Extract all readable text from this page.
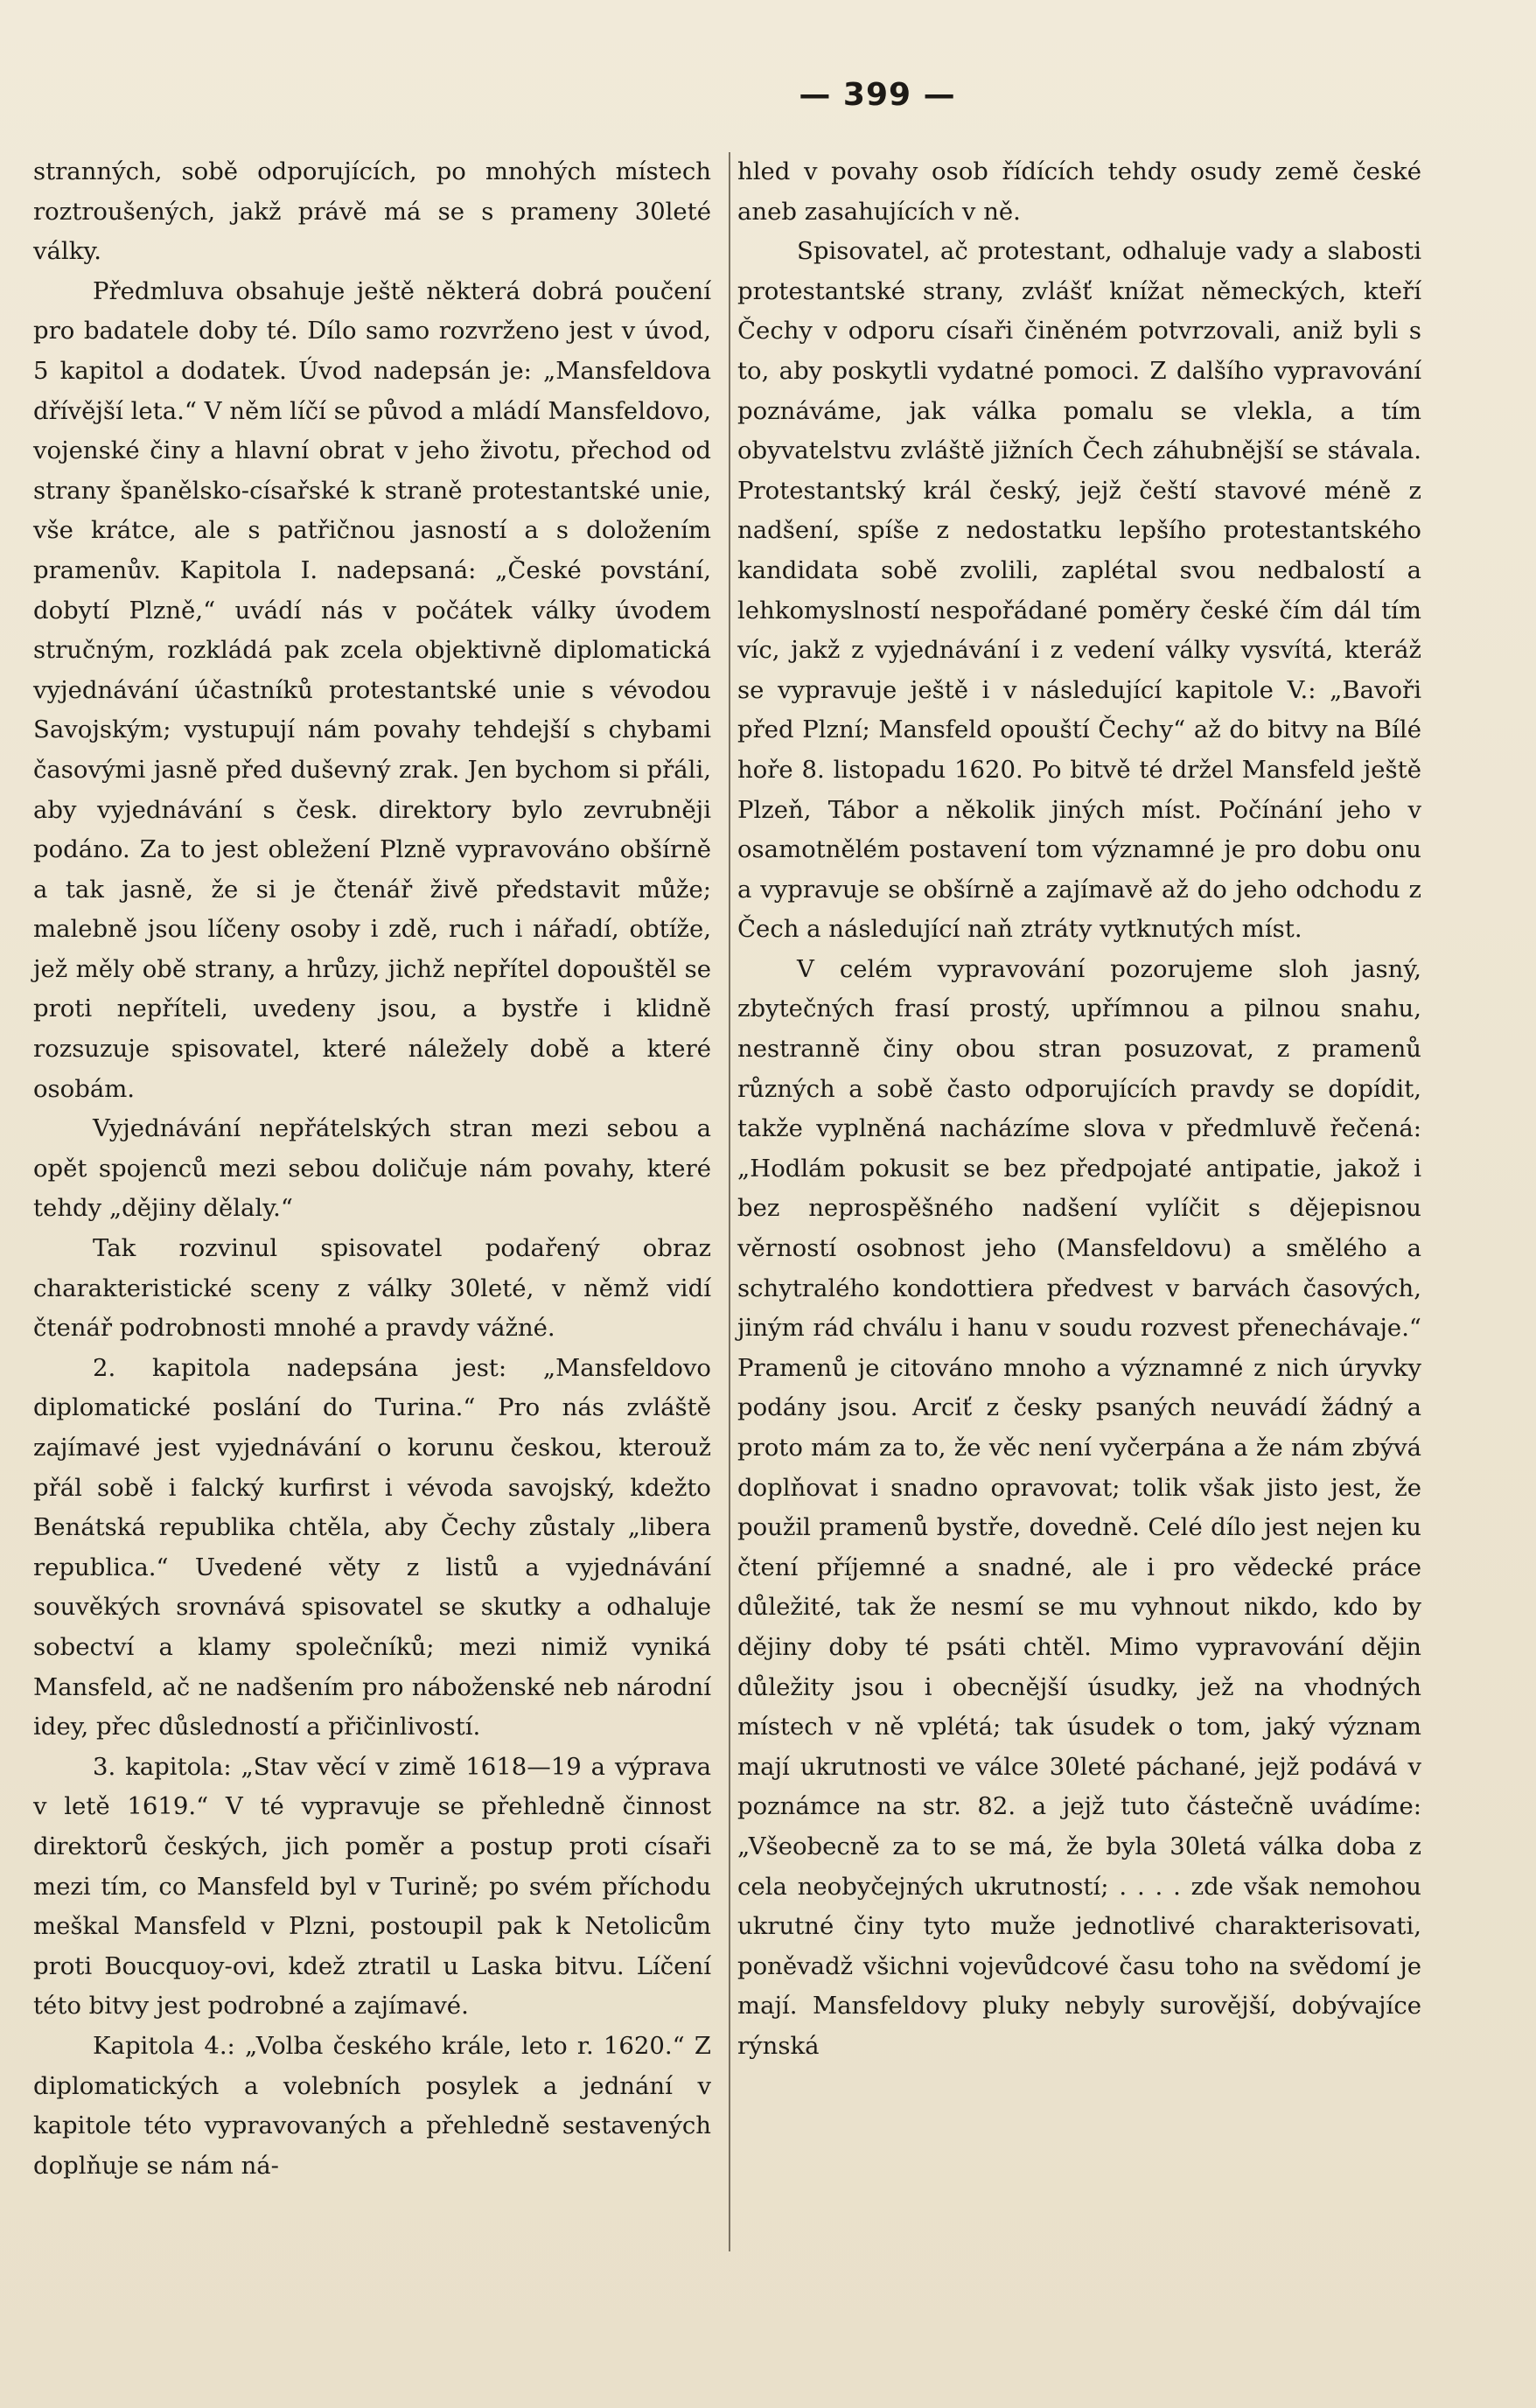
— 399 —

stranných, sobě odporujících, po mnohých místech roztroušených, jakž právě má se s prameny 30leté války.

Předmluva obsahuje ještě některá dobrá poučení pro badatele doby té. Dílo samo rozvrženo jest v úvod, 5 kapitol a dodatek. Úvod nadepsán je: „Mansfeldova dřívější leta.“ V něm líčí se původ a mládí Mansfeldovo, vojenské činy a hlavní obrat v jeho životu, přechod od strany španělsko-císařské k straně protestantské unie, vše krátce, ale s patřičnou jasností a s doložením pramenův. Kapitola I. nadepsaná: „České povstání, dobytí Plzně,“ uvádí nás v počátek války úvodem stručným, rozkládá pak zcela objektivně diplomatická vyjednávání účastníků protestantské unie s vévodou Savojským; vystupují nám povahy tehdejší s chybami časovými jasně před duševný zrak. Jen bychom si přáli, aby vyjednávání s česk. direktory bylo zevrubněji podáno. Za to jest obležení Plzně vypravováno obšírně a tak jasně, že si je čtenář živě představit může; malebně jsou líčeny osoby i zdě, ruch i nářadí, obtíže, jež měly obě strany, a hrůzy, jichž nepřítel dopouštěl se proti nepříteli, uvedeny jsou, a bystře i klidně rozsuzuje spisovatel, které náležely době a které osobám.

Vyjednávání nepřátelských stran mezi sebou a opět spojenců mezi sebou doličuje nám povahy, které tehdy „dějiny dělaly.“

Tak rozvinul spisovatel podařený obraz charakteristické sceny z války 30leté, v němž vidí čtenář podrobnosti mnohé a pravdy vážné.

2. kapitola nadepsána jest: „Mansfeldovo diplomatické poslání do Turina.“ Pro nás zvláště zajímavé jest vyjednávání o korunu českou, kterouž přál sobě i falcký kurfirst i vévoda savojský, kdežto Benátská republika chtěla, aby Čechy zůstaly „libera republica.“ Uvedené věty z listů a vyjednávání souvěkých srovnává spisovatel se skutky a odhaluje sobectví a klamy společníků; mezi nimiž vyniká Mansfeld, ač ne nadšením pro náboženské neb národní idey, přec důsledností a přičinlivostí.

3. kapitola: „Stav věcí v zimě 1618—19 a výprava v letě 1619.“ V té vypravuje se přehledně činnost direktorů českých, jich poměr a postup proti císaři mezi tím, co Mansfeld byl v Turině; po svém příchodu meškal Mansfeld v Plzni, postoupil pak k Netolicům proti Boucquoy-ovi, kdež ztratil u Laska bitvu. Líčení této bitvy jest podrobné a zajímavé.

Kapitola 4.: „Volba českého krále, leto r. 1620.“ Z diplomatických a volebních posylek a jednání v kapitole této vypravovaných a přehledně sestavených doplňuje se nám ná-

hled v povahy osob řídících tehdy osudy země české aneb zasahujících v ně.

Spisovatel, ač protestant, odhaluje vady a slabosti protestantské strany, zvlášť knížat německých, kteří Čechy v odporu císaři činěném potvrzovali, aniž byli s to, aby poskytli vydatné pomoci. Z dalšího vypravování poznáváme, jak válka pomalu se vlekla, a tím obyvatelstvu zvláště jižních Čech záhubnější se stávala. Protestantský král český, jejž čeští stavové méně z nadšení, spíše z nedostatku lepšího protestantského kandidata sobě zvolili, zaplétal svou nedbalostí a lehkomyslností nespořádané poměry české čím dál tím víc, jakž z vyjednávání i z vedení války vysvítá, kteráž se vypravuje ještě i v následující kapitole V.: „Bavoři před Plzní; Mansfeld opouští Čechy“ až do bitvy na Bílé hoře 8. listopadu 1620. Po bitvě té držel Mansfeld ještě Plzeň, Tábor a několik jiných míst. Počínání jeho v osamotnělém postavení tom významné je pro dobu onu a vypravuje se obšírně a zajímavě až do jeho odchodu z Čech a následující naň ztráty vytknutých míst.

V celém vypravování pozorujeme sloh jasný, zbytečných frasí prostý, upřímnou a pilnou snahu, nestranně činy obou stran posuzovat, z pramenů různých a sobě často odporujících pravdy se dopídit, takže vyplněná nacházíme slova v předmluvě řečená: „Hodlám pokusit se bez předpojaté antipatie, jakož i bez neprospěšného nadšení vylíčit s dějepisnou věrností osobnost jeho (Mansfeldovu) a smělého a schytralého kondottiera předvest v barvách časových, jiným rád chválu i hanu v soudu rozvest přenechávaje.“ Pramenů je citováno mnoho a významné z nich úryvky podány jsou. Arciť z česky psaných neuvádí žádný a proto mám za to, že věc není vyčerpána a že nám zbývá doplňovat i snadno opravovat; tolik však jisto jest, že použil pramenů bystře, dovedně. Celé dílo jest nejen ku čtení příjemné a snadné, ale i pro vědecké práce důležité, tak že nesmí se mu vyhnout nikdo, kdo by dějiny doby té psáti chtěl. Mimo vypravování dějin důležity jsou i obecnější úsudky, jež na vhodných místech v ně vplétá; tak úsudek o tom, jaký význam mají ukrutnosti ve válce 30leté páchané, jejž podává v poznámce na str. 82. a jejž tuto částečně uvádíme: „Všeobecně za to se má, že byla 30letá válka doba z cela neobyčejných ukrutností; . . . . zde však nemohou ukrutné činy tyto muže jednotlivé charakterisovati, poněvadž všichni vojevůdcové času toho na svědomí je mají. Mansfeldovy pluky nebyly surovější, dobývajíce rýnská
